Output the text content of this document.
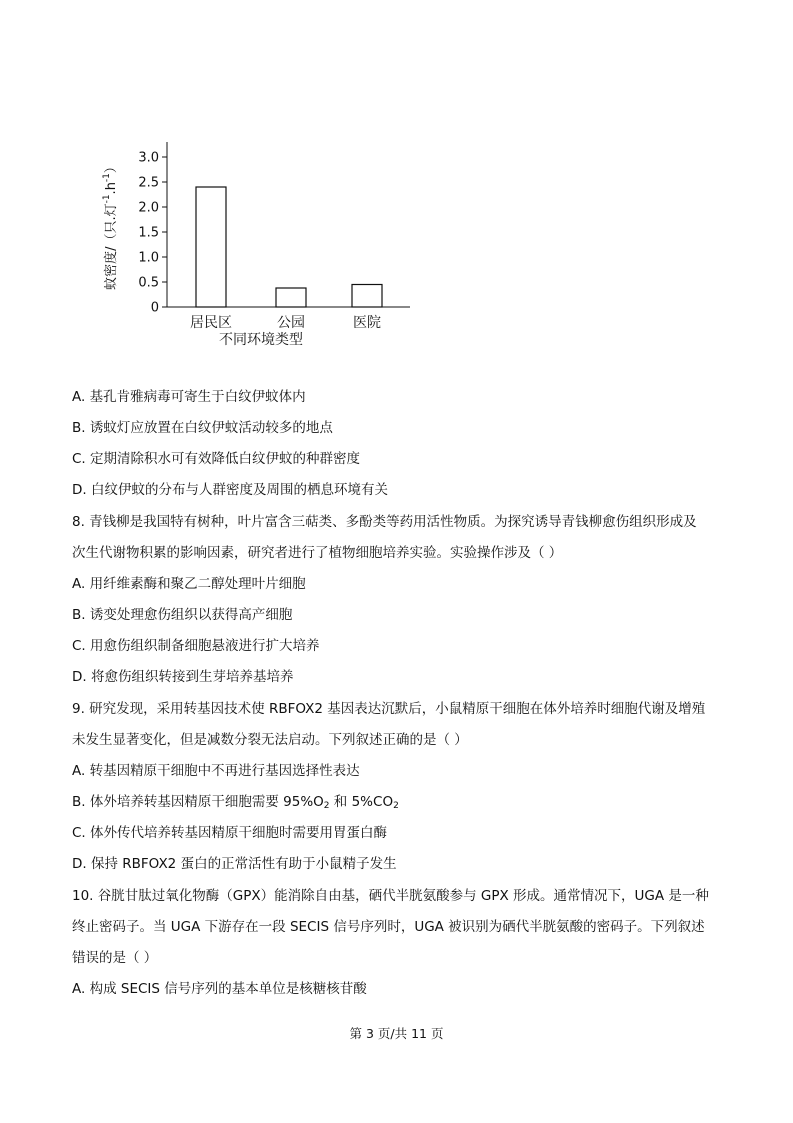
0
0.5
1.0
1.5
2.0
2.5
3.0
居民区	公园	医院
不同环境类型
蚊密度/（只.灯$^{-1}.h^{-1}$）
A. 基孔肯雅病毒可寄生于白纹伊蚊体内
B. 诱蚊灯应放置在白纹伊蚊活动较多的地点
C. 定期清除积水可有效降低白纹伊蚊的种群密度
D. 白纹伊蚊的分布与人群密度及周围的栖息环境有关
8. 青钱柳是我国特有树种，叶片富含三萜类、多酚类等药用活性物质。为探究诱导青钱柳愈伤组织形成及
次生代谢物积累的影响因素，研究者进行了植物细胞培养实验。实验操作涉及（ ）
A. 用纤维素酶和聚乙二醇处理叶片细胞
B. 诱变处理愈伤组织以获得高产细胞
C. 用愈伤组织制备细胞悬液进行扩大培养
D. 将愈伤组织转接到生芽培养基培养
9. 研究发现，采用转基因技术使 RBFOX2 基因表达沉默后，小鼠精原干细胞在体外培养时细胞代谢及增殖
未发生显著变化，但是减数分裂无法启动。下列叙述正确的是（ ）
A. 转基因精原干细胞中不再进行基因选择性表达
B. 体外培养转基因精原干细胞需要 $95\%O_2$ 和 $5\%CO_2$
C. 体外传代培养转基因精原干细胞时需要用胃蛋白酶
D. 保持 RBFOX2 蛋白的正常活性有助于小鼠精子发生
10. 谷胱甘肽过氧化物酶（GPX）能消除自由基，硒代半胱氨酸参与 GPX 形成。通常情况下，UGA 是一种
终止密码子。当 UGA 下游存在一段 SECIS 信号序列时，UGA 被识别为硒代半胱氨酸的密码子。下列叙述
错误的是（ ）
A. 构成 SECIS 信号序列的基本单位是核糖核苷酸
第 3 页/共 11 页
